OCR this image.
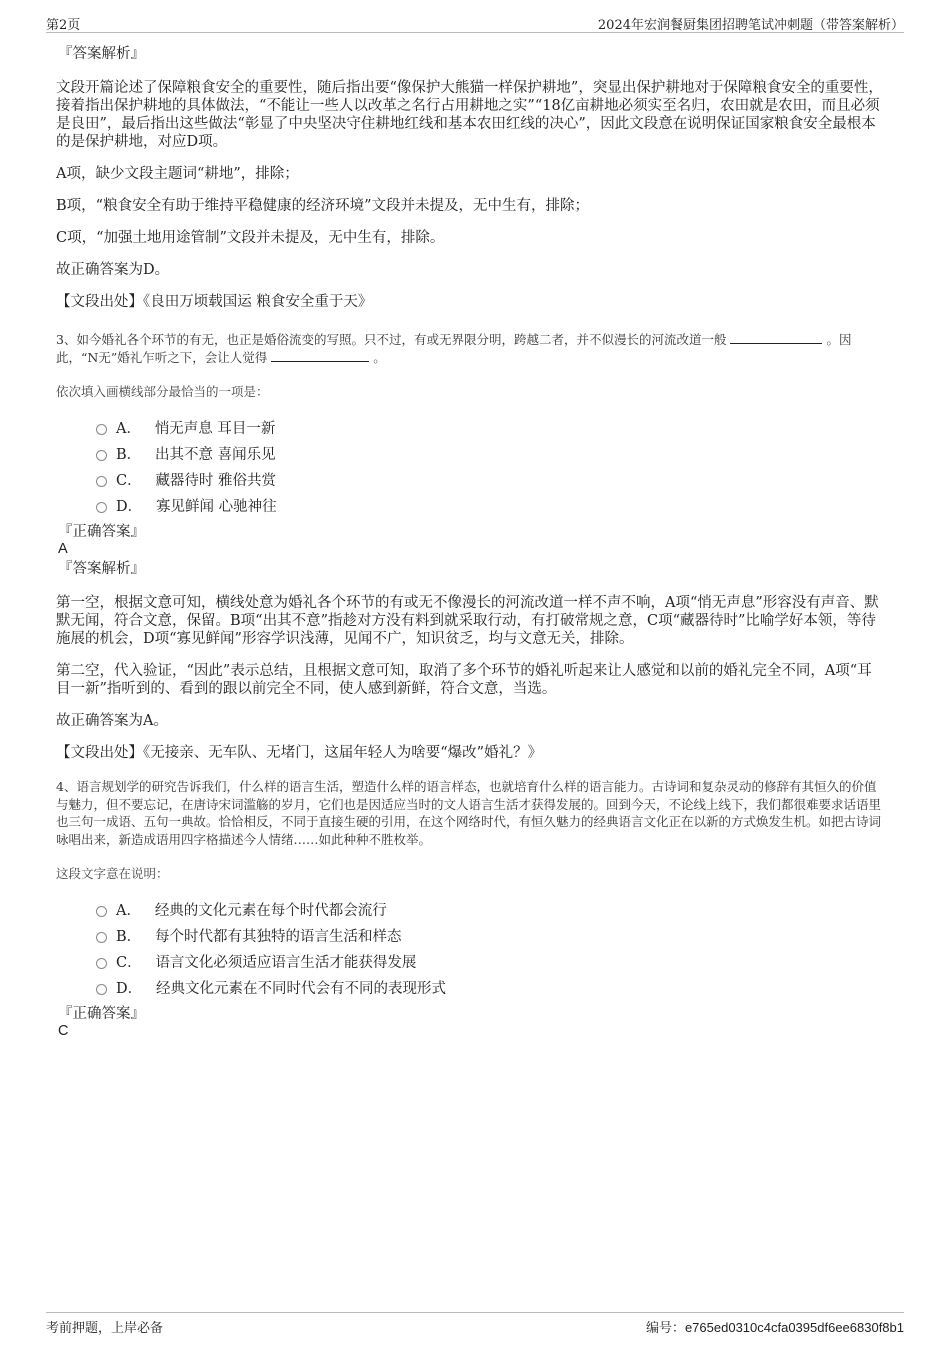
第2页	2024年宏润餐厨集团招聘笔试冲刺题（带答案解析）
『答案解析』

文段开篇论述了保障粮食安全的重要性，随后指出要“像保护大熊猫一样保护耕地”，突显出保护耕地对于保障粮食安全的重要性，接着指出保护耕地的具体做法，“不能让一些人以改革之名行占用耕地之实”“18亿亩耕地必须实至名归，农田就是农田，而且必须是良田”，最后指出这些做法“彰显了中央坚决守住耕地红线和基本农田红线的决心”，因此文段意在说明保证国家粮食安全最根本的是保护耕地，对应D项。

A项，缺少文段主题词“耕地”，排除；

B项，“粮食安全有助于维持平稳健康的经济环境”文段并未提及，无中生有，排除；

C项，“加强土地用途管制”文段并未提及，无中生有，排除。

故正确答案为D。

【文段出处】《良田万顷载国运 粮食安全重于天》

3、如今婚礼各个环节的有无，也正是婚俗流变的写照。只不过，有或无界限分明，跨越二者，并不似漫长的河流改道一般	。因此，“N无”婚礼乍听之下，会让人觉得	。

依次填入画横线部分最恰当的一项是：

A． 悄无声息 耳目一新
B． 出其不意 喜闻乐见
C． 藏器待时 雅俗共赏
D． 寡见鲜闻 心驰神往
『正确答案』
A
『答案解析』

第一空，根据文意可知，横线处意为婚礼各个环节的有或无不像漫长的河流改道一样不声不响，A项“悄无声息”形容没有声音、默默无闻，符合文意，保留。B项“出其不意”指趁对方没有料到就采取行动，有打破常规之意，C项“藏器待时”比喻学好本领，等待施展的机会，D项“寡见鲜闻”形容学识浅薄，见闻不广，知识贫乏，均与文意无关，排除。

第二空，代入验证，“因此”表示总结，且根据文意可知，取消了多个环节的婚礼听起来让人感觉和以前的婚礼完全不同，A项“耳目一新”指听到的、看到的跟以前完全不同，使人感到新鲜，符合文意，当选。

故正确答案为A。

【文段出处】《无接亲、无车队、无堵门，这届年轻人为啥要“爆改”婚礼？》

4、语言规划学的研究告诉我们，什么样的语言生活，塑造什么样的语言样态，也就培育什么样的语言能力。古诗词和复杂灵动的修辞有其恒久的价值与魅力，但不要忘记，在唐诗宋词滥觞的岁月，它们也是因适应当时的文人语言生活才获得发展的。回到今天，不论线上线下，我们都很难要求话语里也三句一成语、五句一典故。恰恰相反，不同于直接生硬的引用，在这个网络时代，有恒久魅力的经典语言文化正在以新的方式焕发生机。如把古诗词咏唱出来，新造成语用四字格描述今人情绪……如此种种不胜枚举。

这段文字意在说明：

A． 经典的文化元素在每个时代都会流行
B． 每个时代都有其独特的语言生活和样态
C． 语言文化必须适应语言生活才能获得发展
D． 经典文化元素在不同时代会有不同的表现形式
『正确答案』
C
考前押题，上岸必备	编号：e765ed0310c4cfa0395df6ee6830f8b1
